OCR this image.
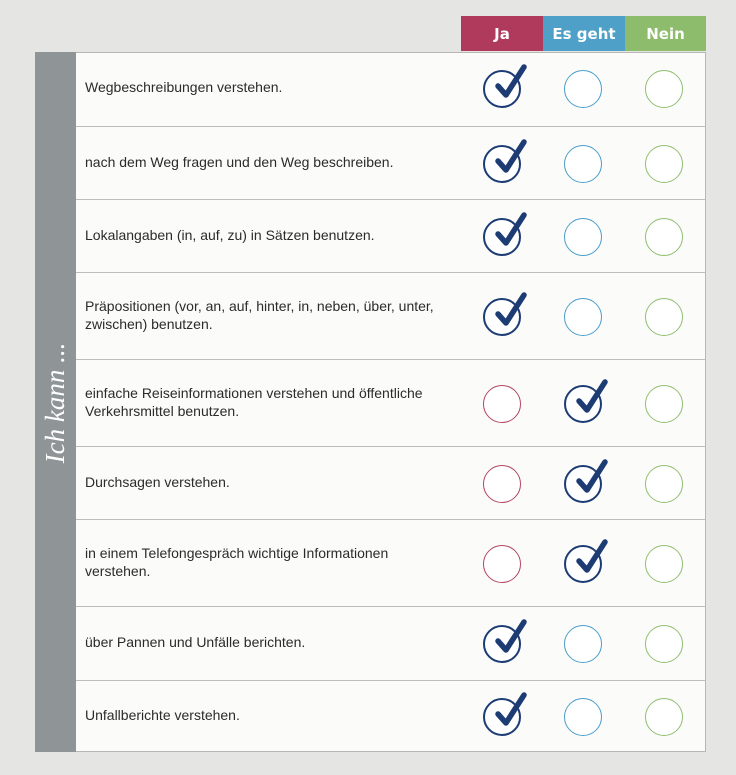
Ja	Es geht	Nein
Ich kann ...
Wegbeschreibungen verstehen.
nach dem Weg fragen und den Weg beschreiben.
Lokalangaben (in, auf, zu) in Sätzen benutzen.
Präpositionen (vor, an, auf, hinter, in, neben, über, unter, zwischen) benutzen.
einfache Reiseinformationen verstehen und öffentliche Verkehrsmittel benutzen.
Durchsagen verstehen.
in einem Telefongespräch wichtige Informationen verstehen.
über Pannen und Unfälle berichten.
Unfallberichte verstehen.
